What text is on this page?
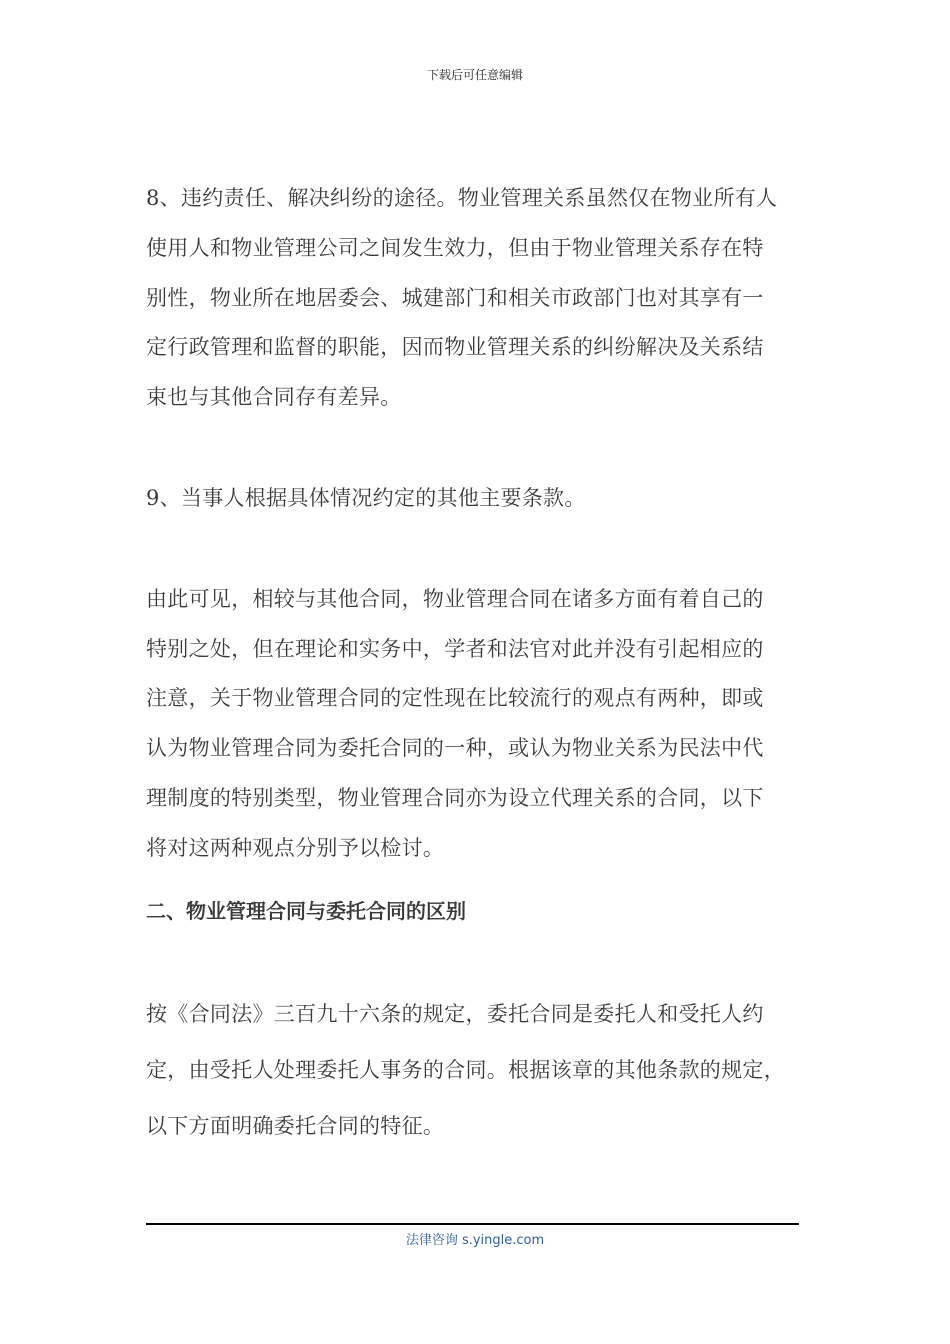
下载后可任意编辑

8、违约责任、解决纠纷的途径。物业管理关系虽然仅在物业所有人
使用人和物业管理公司之间发生效力，但由于物业管理关系存在特
别性，物业所在地居委会、城建部门和相关市政部门也对其享有一
定行政管理和监督的职能，因而物业管理关系的纠纷解决及关系结
束也与其他合同存有差异。

9、当事人根据具体情况约定的其他主要条款。

由此可见，相较与其他合同，物业管理合同在诸多方面有着自己的
特别之处，但在理论和实务中，学者和法官对此并没有引起相应的
注意，关于物业管理合同的定性现在比较流行的观点有两种，即或
认为物业管理合同为委托合同的一种，或认为物业关系为民法中代
理制度的特别类型，物业管理合同亦为设立代理关系的合同，以下
将对这两种观点分别予以检讨。

二、物业管理合同与委托合同的区别

按《合同法》三百九十六条的规定，委托合同是委托人和受托人约
定，由受托人处理委托人事务的合同。根据该章的其他条款的规定，
以下方面明确委托合同的特征。

法律咨询 s.yingle.com
